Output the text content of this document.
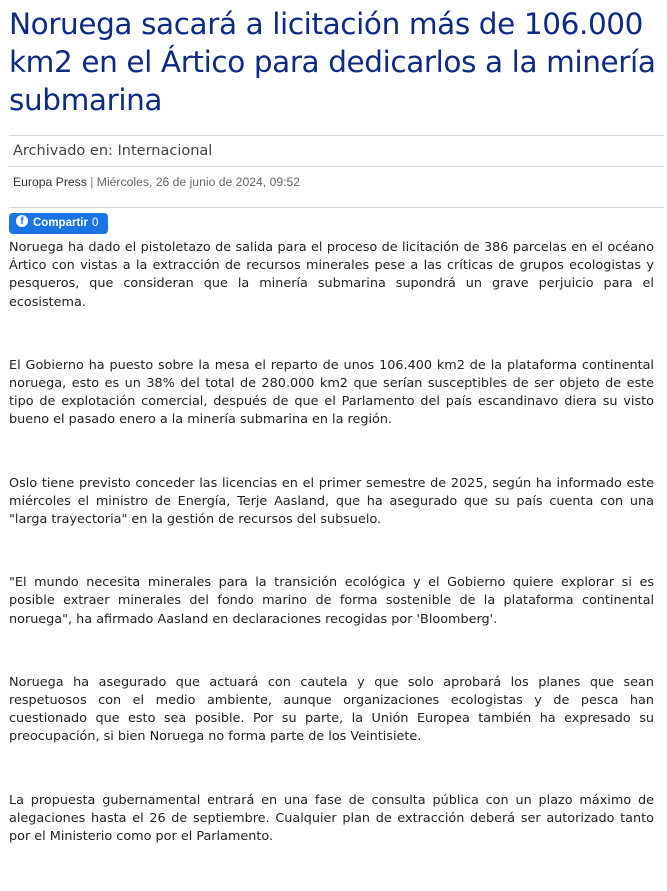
Noruega sacará a licitación más de 106.000 km2 en el Ártico para dedicarlos a la minería submarina
Archivado en: Internacional
Europa Press | Miércoles, 26 de junio de 2024, 09:52
f Compartir 0

Noruega ha dado el pistoletazo de salida para el proceso de licitación de 386 parcelas en el océano Ártico con vistas a la extracción de recursos minerales pese a las críticas de grupos ecologistas y pesqueros, que consideran que la minería submarina supondrá un grave perjuicio para el ecosistema.

El Gobierno ha puesto sobre la mesa el reparto de unos 106.400 km2 de la plataforma continental noruega, esto es un 38% del total de 280.000 km2 que serían susceptibles de ser objeto de este tipo de explotación comercial, después de que el Parlamento del país escandinavo diera su visto bueno el pasado enero a la minería submarina en la región.

Oslo tiene previsto conceder las licencias en el primer semestre de 2025, según ha informado este miércoles el ministro de Energía, Terje Aasland, que ha asegurado que su país cuenta con una "larga trayectoria" en la gestión de recursos del subsuelo.

"El mundo necesita minerales para la transición ecológica y el Gobierno quiere explorar si es posible extraer minerales del fondo marino de forma sostenible de la plataforma continental noruega", ha afirmado Aasland en declaraciones recogidas por 'Bloomberg'.

Noruega ha asegurado que actuará con cautela y que solo aprobará los planes que sean respetuosos con el medio ambiente, aunque organizaciones ecologistas y de pesca han cuestionado que esto sea posible. Por su parte, la Unión Europea también ha expresado su preocupación, si bien Noruega no forma parte de los Veintisiete.

La propuesta gubernamental entrará en una fase de consulta pública con un plazo máximo de alegaciones hasta el 26 de septiembre. Cualquier plan de extracción deberá ser autorizado tanto por el Ministerio como por el Parlamento.
